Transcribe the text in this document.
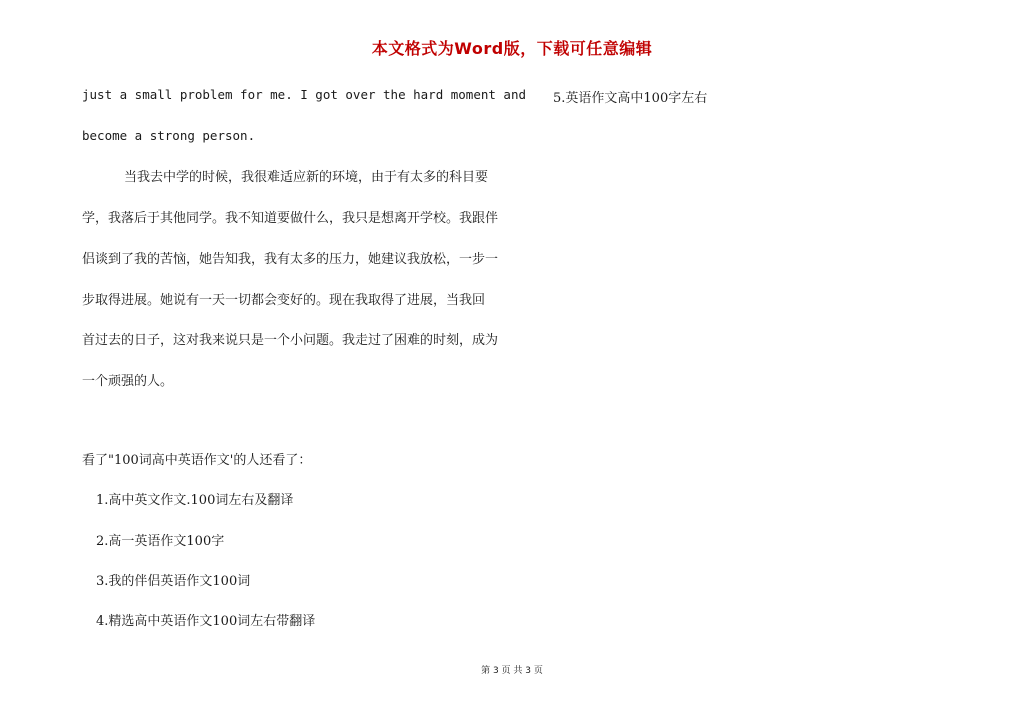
本文格式为Word版，下载可任意编辑
just a small problem for me. I got over the hard moment and
become a strong person.
当我去中学的时候，我很难适应新的环境，由于有太多的科目要
学，我落后于其他同学。我不知道要做什么，我只是想离开学校。我跟伴
侣谈到了我的苦恼，她告知我，我有太多的压力，她建议我放松，一步一
步取得进展。她说有一天一切都会变好的。现在我取得了进展，当我回
首过去的日子，这对我来说只是一个小问题。我走过了困难的时刻，成为
一个顽强的人。
看了"100词高中英语作文'的人还看了：
1.高中英文作文.100词左右及翻译
2.高一英语作文100字
3.我的伴侣英语作文100词
4.精选高中英语作文100词左右带翻译
5.英语作文高中100字左右
第 3 页 共 3 页
